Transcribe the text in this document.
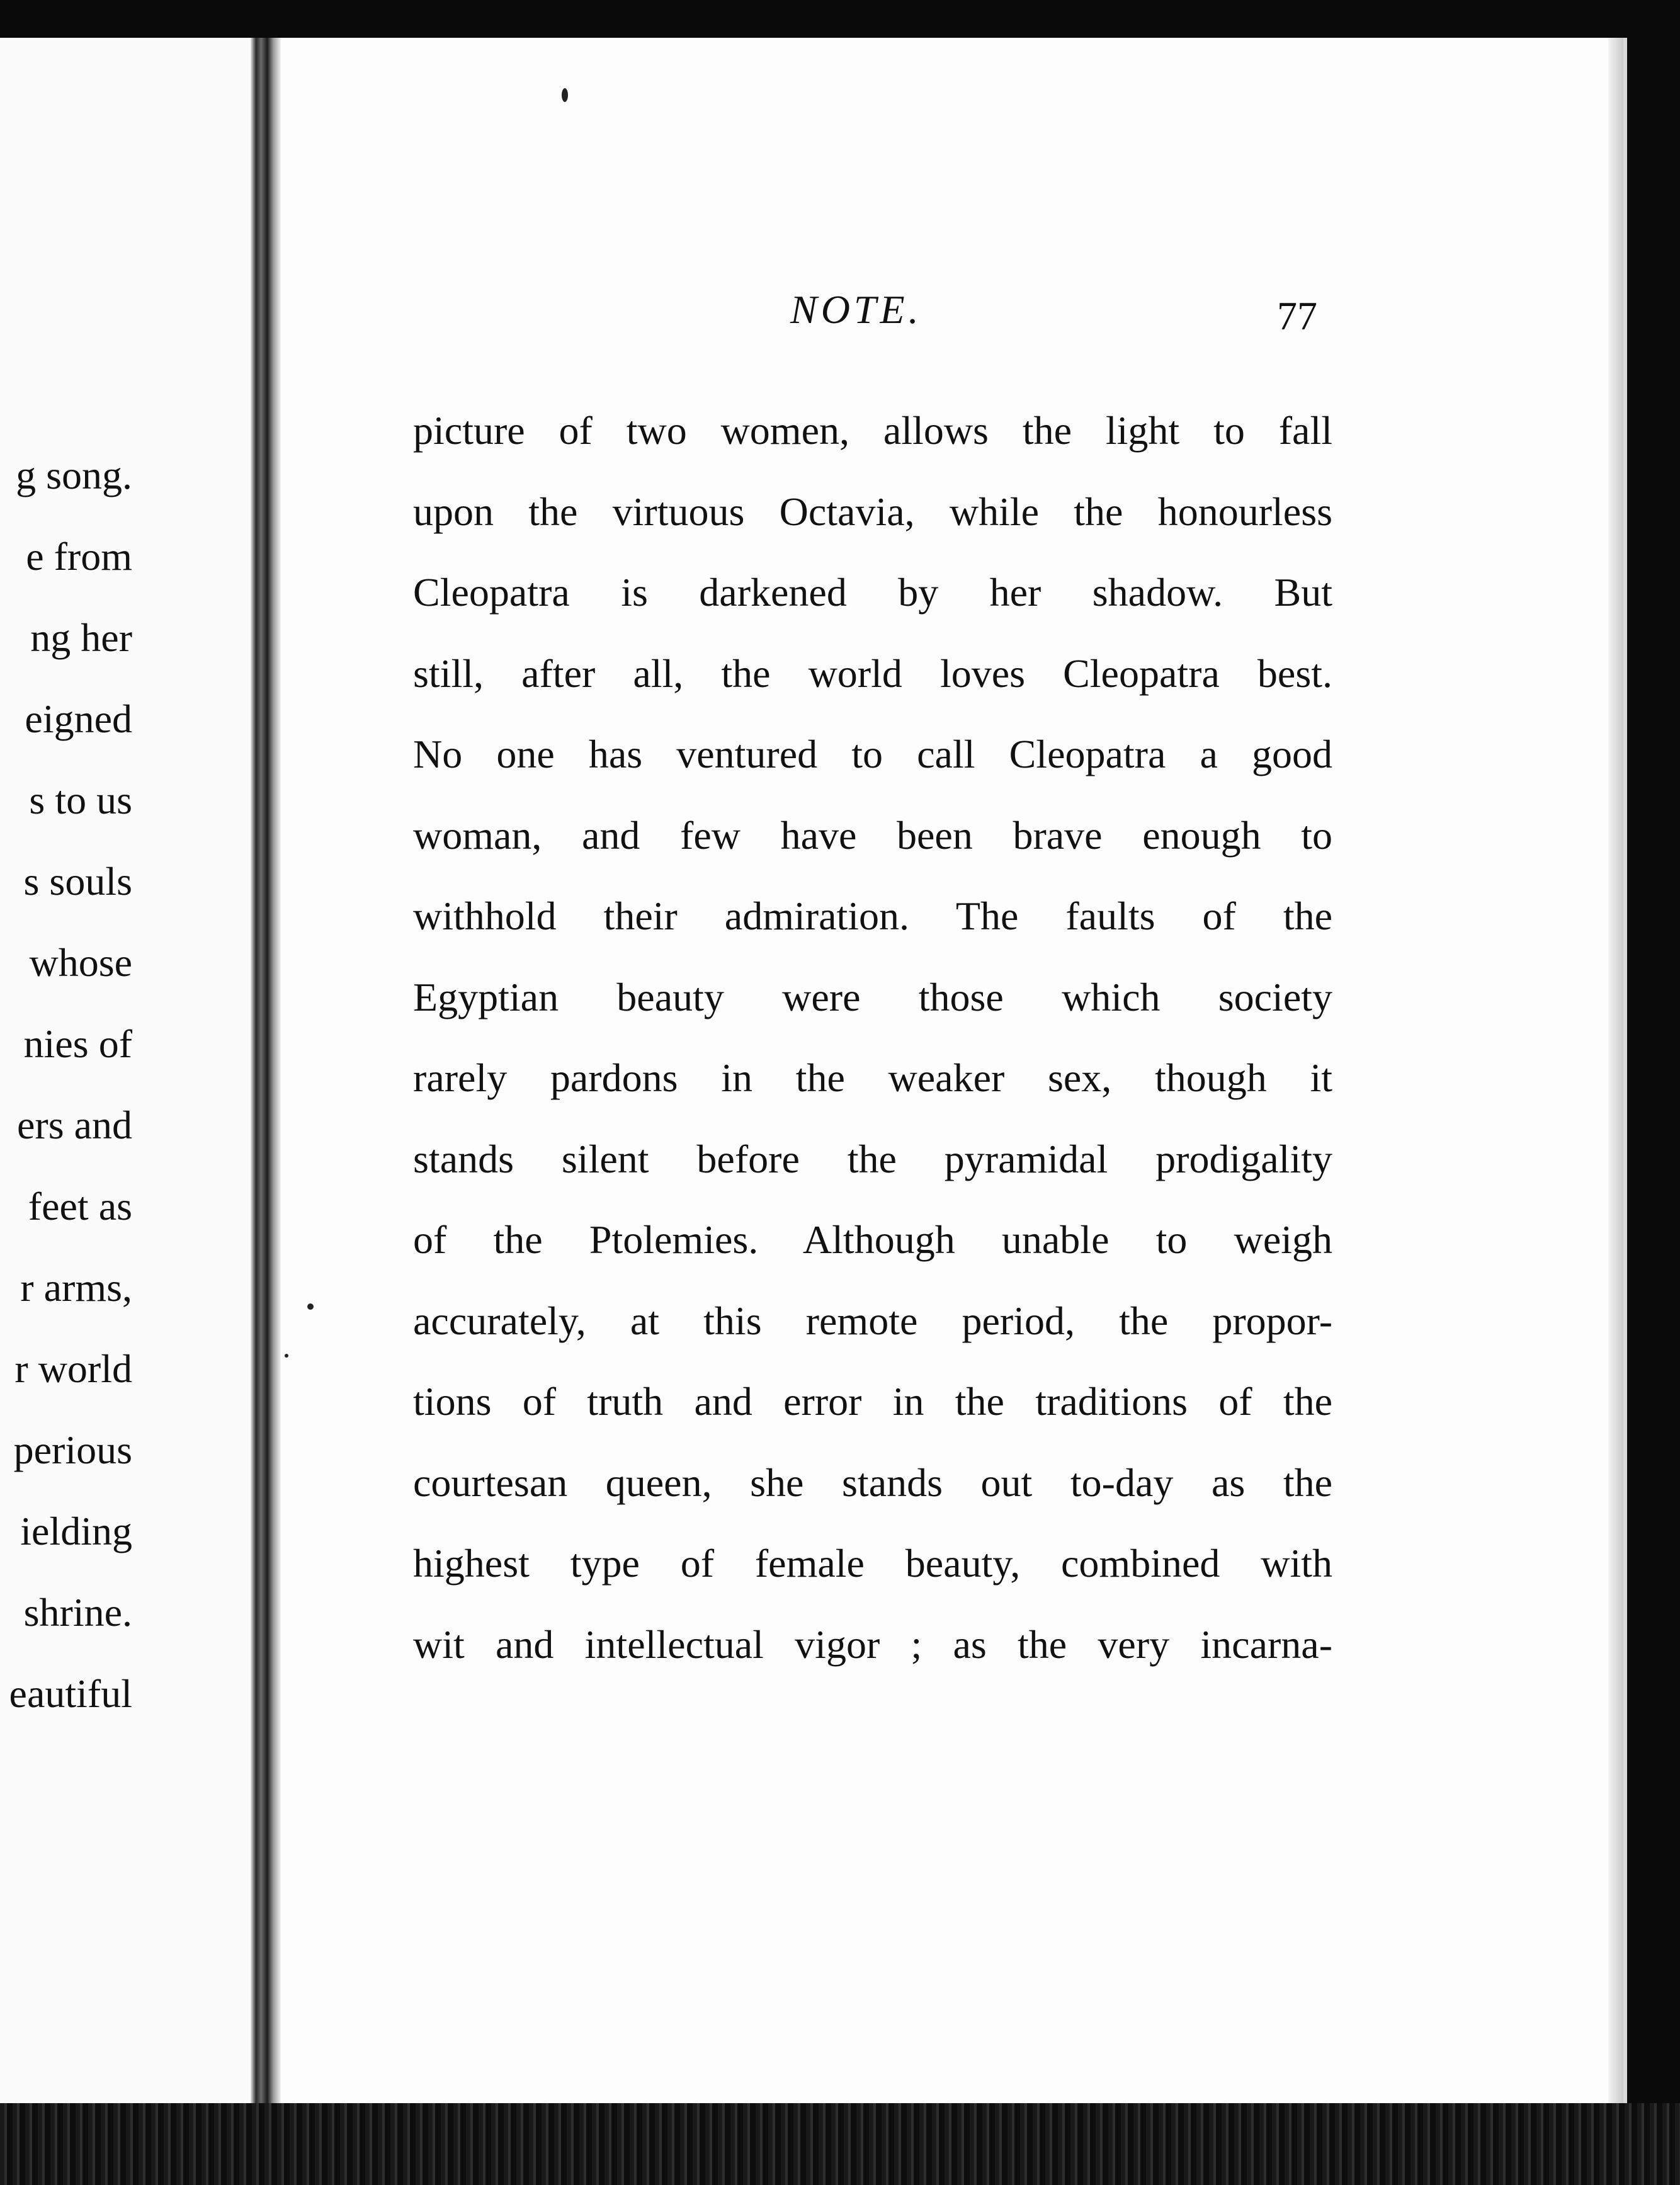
g song.
e from
ng her
eigned
s to us
s souls
whose
nies of
ers and
feet as
r arms,
r world
perious
ielding
shrine.
eautiful
NOTE.	77
picture of two women, allows the light to fall
upon the virtuous Octavia, while the honourless
Cleopatra is darkened by her shadow. But
still, after all, the world loves Cleopatra best.
No one has ventured to call Cleopatra a good
woman, and few have been brave enough to
withhold their admiration. The faults of the
Egyptian beauty were those which society
rarely pardons in the weaker sex, though it
stands silent before the pyramidal prodigality
of the Ptolemies. Although unable to weigh
accurately, at this remote period, the propor-
tions of truth and error in the traditions of the
courtesan queen, she stands out to-day as the
highest type of female beauty, combined with
wit and intellectual vigor ; as the very incarna-
